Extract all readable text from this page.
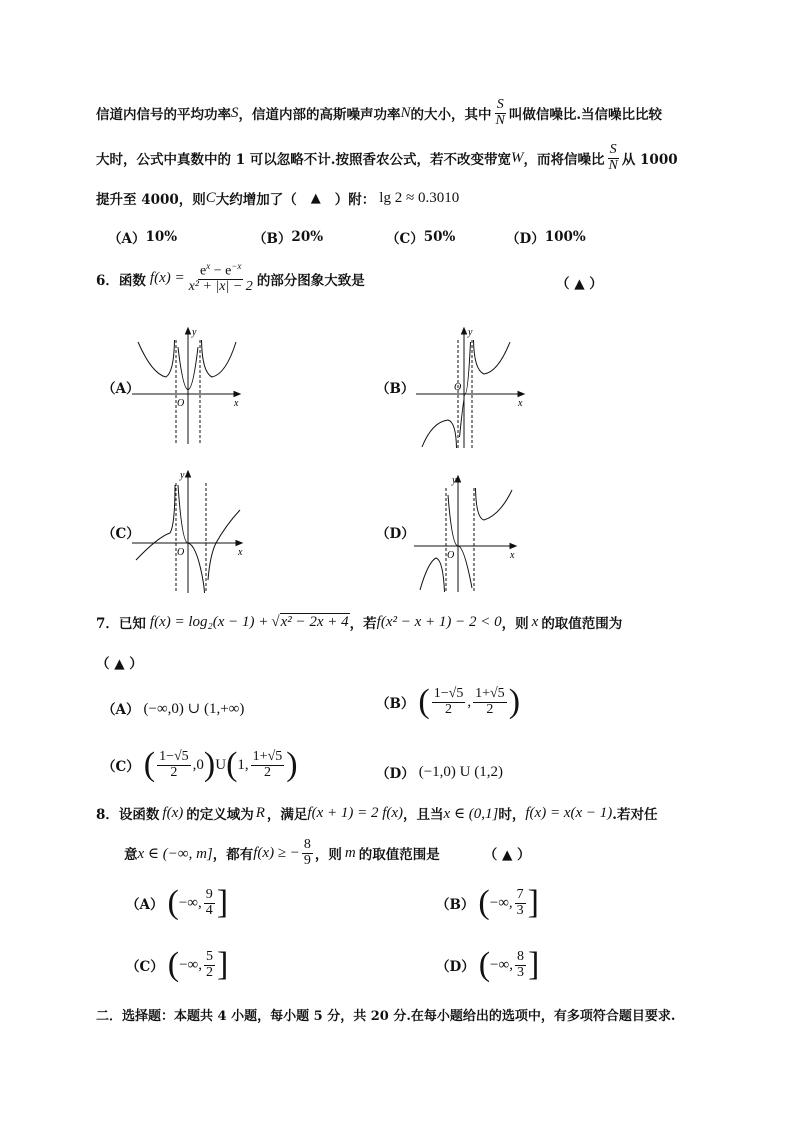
信道内信号的平均功率 S ，信道内部的高斯噪声功率 N 的大小，其中 $\frac{S}{N}$ 叫做信噪比.当信噪比比较
大时，公式中真数中的 1 可以忽略不计.按照香农公式，若不改变带宽 W ，而将信噪比 $\frac{S}{N}$ 从 1000
提升至 4000，则 C 大约增加了（ ▲ ）附： lg 2 ≈ 0.3010
（A） 10%	（B） 20%	（C） 50%	（D） 100%
6．函数 $f(x) = \frac{e^x - e^{-x}}{\text{x² + |x| − 2}}$ 的部分图象大致是	（ ▲ ）
（A）	（B）
（C）	（D）
y
x
O
y
x
O
y
x
O
y
x
O
7．已知 f(x) = log₂(x − 1) + √ x² − 2x + 4 ，若 f(x² − x + 1) − 2 < 0 ，则 x 的取值范围为
（ ▲ ）
（A） (−∞,0) ∪ (1,+∞)	（B） ( $\frac{1-√5}{2}$ , $\frac{1+√5}{2}$ )
（C） ( $\frac{1-√5}{2} ,0$ ) U ( 1, $\frac{1+√5}{2}$ )	（D） (−1,0) U (1,2)
8．设函数 f(x) 的定义域为 R ，满足 f(x + 1) = 2 f(x) ，且当 x ∈ (0,1] 时， f(x) = x(x − 1) .若对任
意 x ∈ (−∞, m] ，都有 f(x) ≥ − $\frac{8}{9}$ ，则 m 的取值范围是	（ ▲ ）
（A） ( −∞, $\frac{9}{4}$ ]	（B） ( −∞, $\frac{7}{3}$ ]
（C） ( −∞, $\frac{5}{2}$ ]	（D） ( −∞, $\frac{8}{3}$ ]
二．选择题：本题共 4 小题，每小题 5 分，共 20 分.在每小题给出的选项中，有多项符合题目要求.
